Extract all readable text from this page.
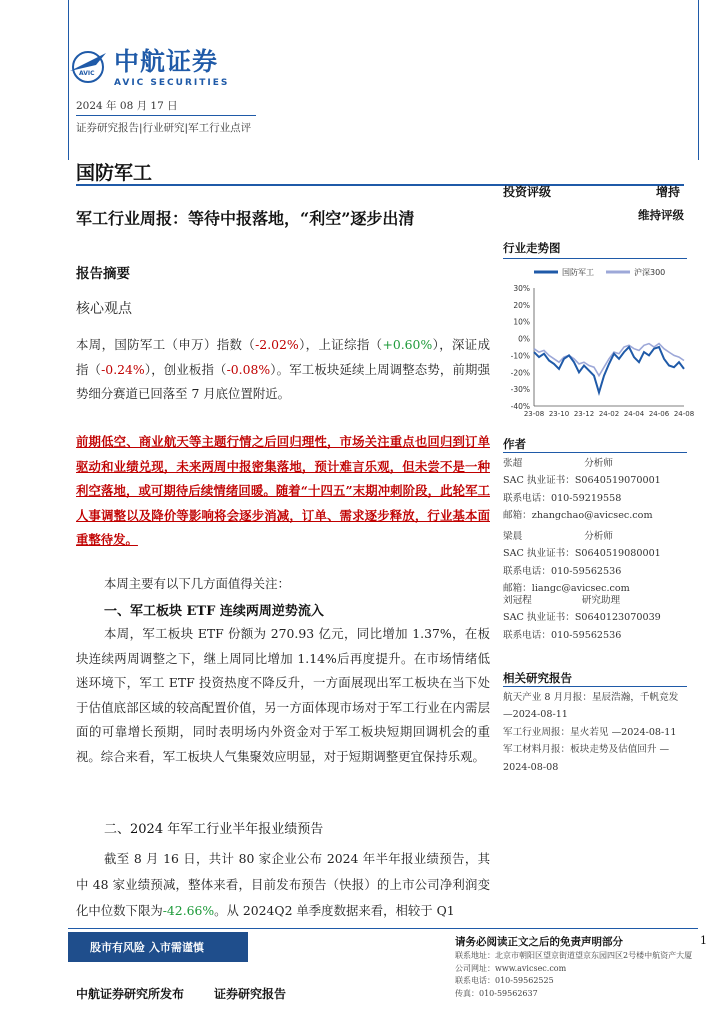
AVIC 中航证券
AVIC SECURITIES
2024 年 08 月 17 日
证券研究报告|行业研究|军工行业点评
国防军工
军工行业周报：等待中报落地，“利空”逐步出清
报告摘要
核心观点
本周，国防军工（申万）指数（-2.02%），上证综指（+0.60%），深证成指（-0.24%），创业板指（-0.08%）。军工板块延续上周调整态势，前期强势细分赛道已回落至 7 月底位置附近。
前期低空、商业航天等主题行情之后回归理性，市场关注重点也回归到订单驱动和业绩兑现，未来两周中报密集落地，预计难言乐观，但未尝不是一种利空落地，或可期待后续情绪回暖。随着“十四五”末期冲刺阶段，此轮军工人事调整以及降价等影响将会逐步消减，订单、需求逐步释放，行业基本面重整待发。
本周主要有以下几方面值得关注：
一、军工板块 ETF 连续两周逆势流入
本周，军工板块 ETF 份额为 270.93 亿元，同比增加 1.37%，在板块连续两周调整之下，继上周同比增加 1.14%后再度提升。在市场情绪低迷环境下，军工 ETF 投资热度不降反升，一方面展现出军工板块在当下处于估值底部区域的较高配置价值，另一方面体现市场对于军工行业在内需层面的可靠增长预期，同时表明场内外资金对于军工板块短期回调机会的重视。综合来看，军工板块人气集聚效应明显，对于短期调整更宜保持乐观。
二、2024 年军工行业半年报业绩预告
截至 8 月 16 日，共计 80 家企业公布 2024 年半年报业绩预告，其中 48 家业绩预减，整体来看，目前发布预告（快报）的上市公司净利润变化中位数下限为-42.66%。从 2024Q2 单季度数据来看，相较于 Q1
投资评级	增持
维持评级
行业走势图
国防军工	沪深300
30%
20%
10%
0%
-10%
-20%
-30%
-40%
23-08 23-10 23-12 24-02 24-04 24-06 24-08
作者
张超	分析师
SAC 执业证书：S0640519070001
联系电话：010-59219558
邮箱：zhangchao@avicsec.com
梁晨	分析师
SAC 执业证书：S0640519080001
联系电话：010-59562536
邮箱：liangc@avicsec.com
刘冠程	研究助理
SAC 执业证书：S0640123070039
联系电话：010-59562536
相关研究报告
航天产业 8 月月报：星辰浩瀚，千帆竞发 —2024-08-11
军工行业周报：星火若见 —2024-08-11
军工材料月报：板块走势及估值回升 —2024-08-08
股市有风险 入市需谨慎	请务必阅读正文之后的免责声明部分	1
联系地址：北京市朝阳区望京街道望京东园四区2号楼中航资产大厦
公司网址：www.avicsec.com
联系电话：010-59562525
传真：010-59562637
中航证券研究所发布 证券研究报告
